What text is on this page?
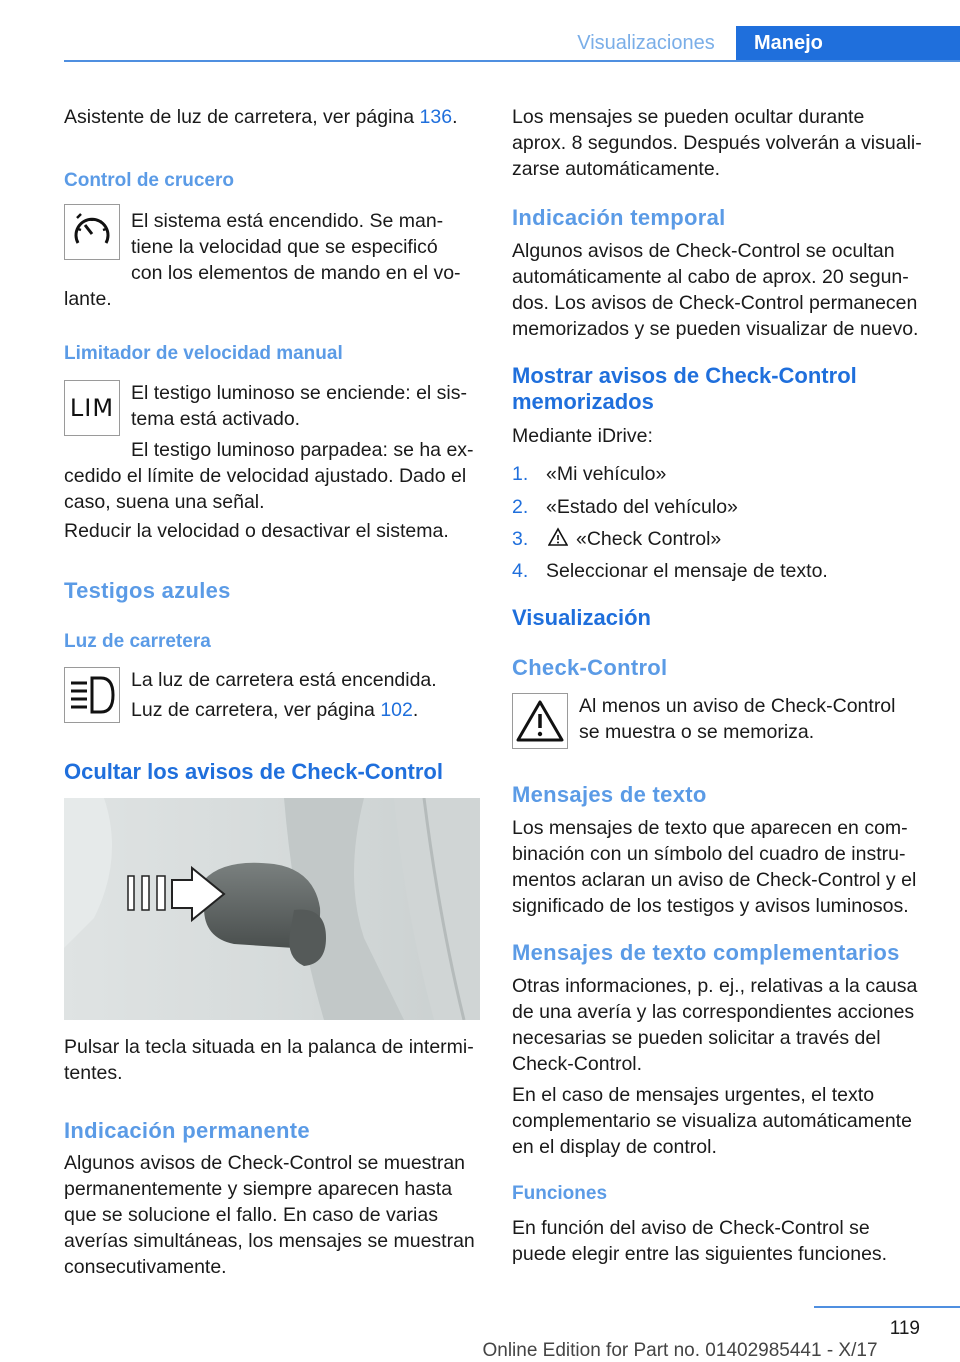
Visualizaciones	Manejo
Asistente de luz de carretera, ver página 136.
Control de crucero
El sistema está encendido. Se man‐
tiene la velocidad que se especificó
con los elementos de mando en el vo‐
lante.
Limitador de velocidad manual
LIM
El testigo luminoso se enciende: el sis‐
tema está activado.
El testigo luminoso parpadea: se ha ex‐
cedido el límite de velocidad ajustado. Dado el
caso, suena una señal.
Reducir la velocidad o desactivar el sistema.
Testigos azules
Luz de carretera
La luz de carretera está encendida.
Luz de carretera, ver página 102.
Ocultar los avisos de Check-Control
Pulsar la tecla situada en la palanca de intermi‐
tentes.
Indicación permanente
Algunos avisos de Check-Control se muestran
permanentemente y siempre aparecen hasta
que se solucione el fallo. En caso de varias
averías simultáneas, los mensajes se muestran
consecutivamente.
Los mensajes se pueden ocultar durante
aprox. 8 segundos. Después volverán a visuali‐
zarse automáticamente.
Indicación temporal
Algunos avisos de Check-Control se ocultan
automáticamente al cabo de aprox. 20 segun‐
dos. Los avisos de Check-Control permanecen
memorizados y se pueden visualizar de nuevo.
Mostrar avisos de Check-Control
memorizados
Mediante iDrive:
1. «Mi vehículo»
2. «Estado del vehículo»
3. «Check Control»
4. Seleccionar el mensaje de texto.
Visualización
Check-Control
Al menos un aviso de Check-Control
se muestra o se memoriza.
Mensajes de texto
Los mensajes de texto que aparecen en com‐
binación con un símbolo del cuadro de instru‐
mentos aclaran un aviso de Check-Control y el
significado de los testigos y avisos luminosos.
Mensajes de texto complementarios
Otras informaciones, p. ej., relativas a la causa
de una avería y las correspondientes acciones
necesarias se pueden solicitar a través del
Check-Control.
En el caso de mensajes urgentes, el texto
complementario se visualiza automáticamente
en el display de control.
Funciones
En función del aviso de Check-Control se
puede elegir entre las siguientes funciones.
119
Online Edition for Part no. 01402985441 - X/17
